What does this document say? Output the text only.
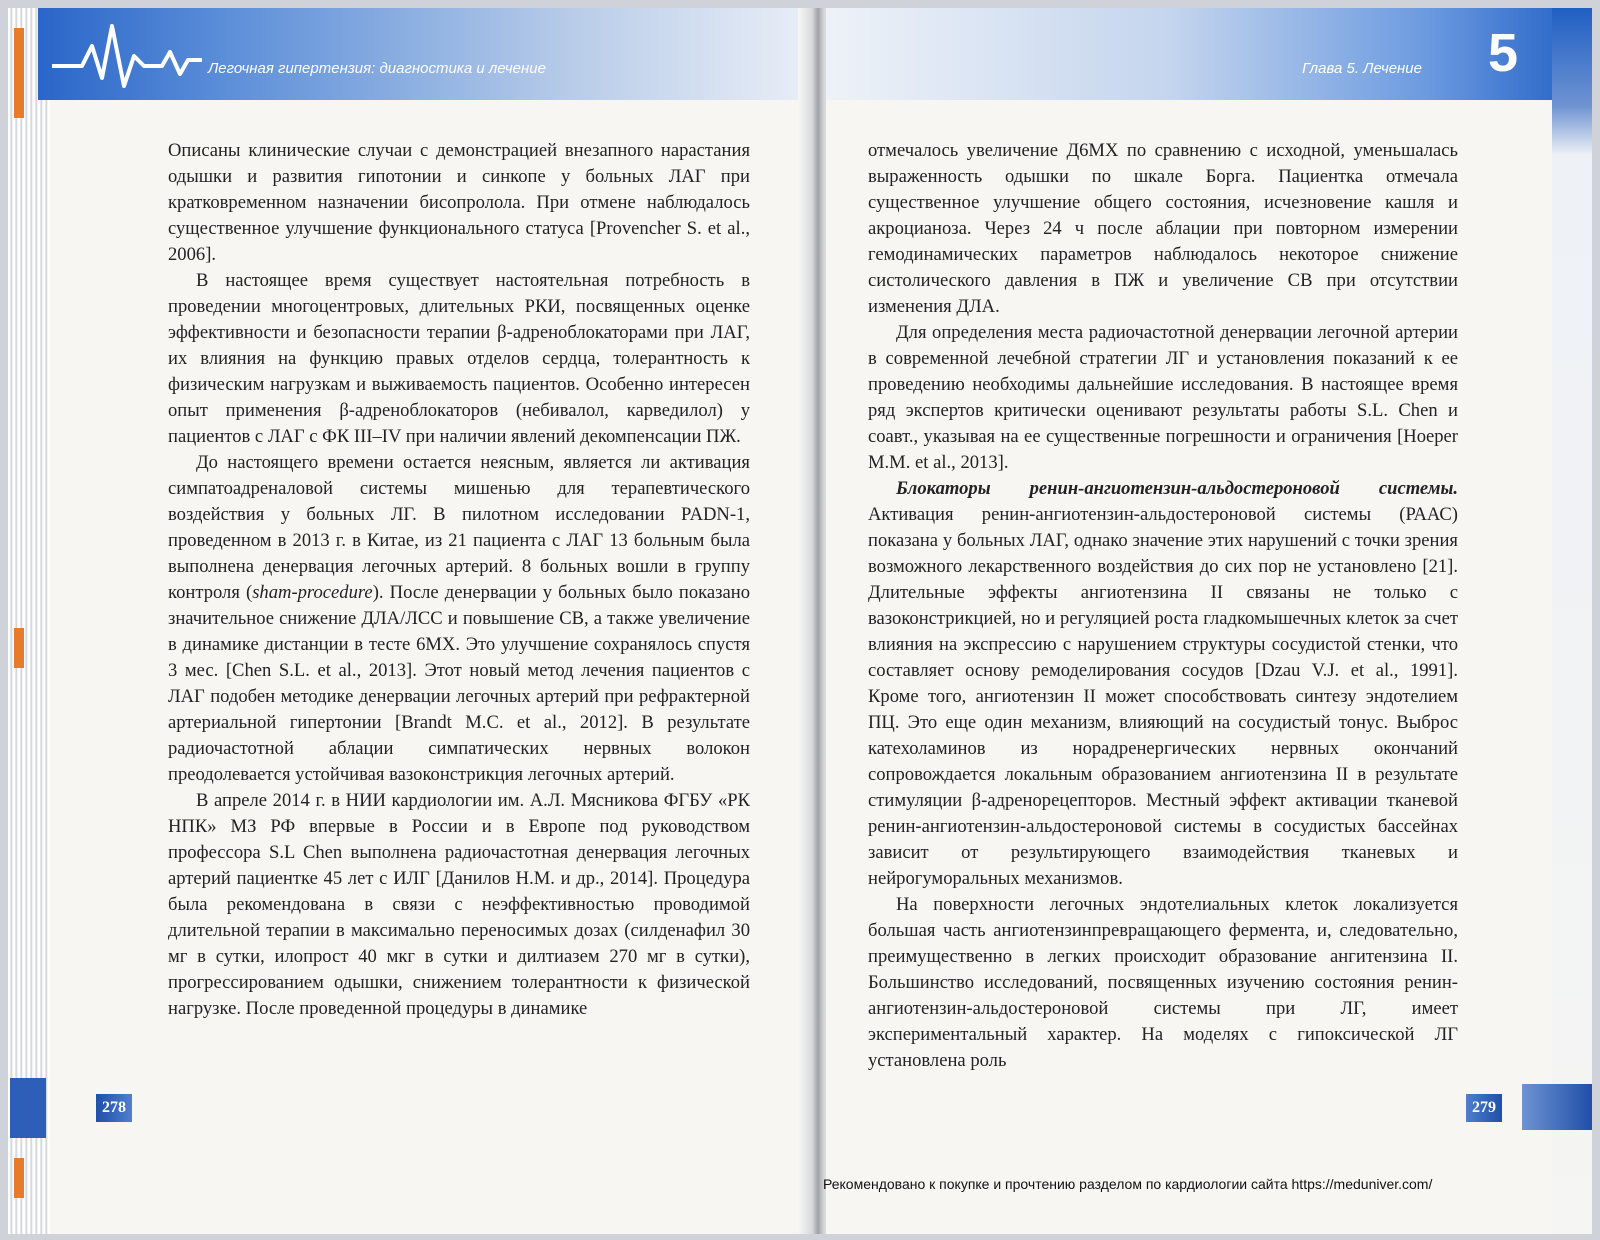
Легочная гипертензия: диагностика и лечение

Описаны клинические случаи с демонстрацией внезапного нарастания одышки и развития гипотонии и синкопе у больных ЛАГ при кратковременном назначении бисопролола. При отмене наблюдалось существенное улучшение функционального статуса [Provencher S. et al., 2006].

В настоящее время существует настоятельная потребность в проведении многоцентровых, длительных РКИ, посвященных оценке эффективности и безопасности терапии β-адреноблокаторами при ЛАГ, их влияния на функцию правых отделов сердца, толерантность к физическим нагрузкам и выживаемость пациентов. Особенно интересен опыт применения β-адреноблокаторов (небивалол, карведилол) у пациентов с ЛАГ с ФК III–IV при наличии явлений декомпенсации ПЖ.

До настоящего времени остается неясным, является ли активация симпатоадреналовой системы мишенью для терапевтического воздействия у больных ЛГ. В пилотном исследовании PADN-1, проведенном в 2013 г. в Китае, из 21 пациента с ЛАГ 13 больным была выполнена денервация легочных артерий. 8 больных вошли в группу контроля (sham-procedure). После денервации у больных было показано значительное снижение ДЛА/ЛСС и повышение СВ, а также увеличение в динамике дистанции в тесте 6МХ. Это улучшение сохранялось спустя 3 мес. [Chen S.L. et al., 2013]. Этот новый метод лечения пациентов с ЛАГ подобен методике денервации легочных артерий при рефрактерной артериальной гипертонии [Brandt M.C. et al., 2012]. В результате радиочастотной аблации симпатических нервных волокон преодолевается устойчивая вазоконстрикция легочных артерий.

В апреле 2014 г. в НИИ кардиологии им. А.Л. Мясникова ФГБУ «РК НПК» МЗ РФ впервые в России и в Европе под руководством профессора S.L Chen выполнена радиочастотная денервация легочных артерий пациентке 45 лет с ИЛГ [Данилов Н.М. и др., 2014]. Процедура была рекомендована в связи с неэффективностью проводимой длительной терапии в максимально переносимых дозах (силденафил 30 мг в сутки, илопрост 40 мкг в сутки и дилтиазем 270 мг в сутки), прогрессированием одышки, снижением толерантности к физической нагрузке. После проведенной процедуры в динамике

278
Глава 5. Лечение 5

отмечалось увеличение Д6МХ по сравнению с исходной, уменьшалась выраженность одышки по шкале Борга. Пациентка отмечала существенное улучшение общего состояния, исчезновение кашля и акроцианоза. Через 24 ч после аблации при повторном измерении гемодинамических параметров наблюдалось некоторое снижение систолического давления в ПЖ и увеличение СВ при отсутствии изменения ДЛА.

Для определения места радиочастотной денервации легочной артерии в современной лечебной стратегии ЛГ и установления показаний к ее проведению необходимы дальнейшие исследования. В настоящее время ряд экспертов критически оценивают результаты работы S.L. Chen и соавт., указывая на ее существенные погрешности и ограничения [Hoeper M.M. et al., 2013].

Блокаторы ренин-ангиотензин-альдостероновой системы. Активация ренин-ангиотензин-альдостероновой системы (РААС) показана у больных ЛАГ, однако значение этих нарушений с точки зрения возможного лекарственного воздействия до сих пор не установлено [21]. Длительные эффекты ангиотензина II связаны не только с вазоконстрикцией, но и регуляцией роста гладкомышечных клеток за счет влияния на экспрессию с нарушением структуры сосудистой стенки, что составляет основу ремоделирования сосудов [Dzau V.J. et al., 1991]. Кроме того, ангиотензин II может способствовать синтезу эндотелием ПЦ. Это еще один механизм, влияющий на сосудистый тонус. Выброс катехоламинов из норадренергических нервных окончаний сопровождается локальным образованием ангиотензина II в результате стимуляции β-адренорецепторов. Местный эффект активации тканевой ренин-ангиотензин-альдостероновой системы в сосудистых бассейнах зависит от результирующего взаимодействия тканевых и нейрогуморальных механизмов.

На поверхности легочных эндотелиальных клеток локализуется большая часть ангиотензинпревращающего фермента, и, следовательно, преимущественно в легких происходит образование ангитензина II. Большинство исследований, посвященных изучению состояния ренин-ангиотензин-альдостероновой системы при ЛГ, имеет экспериментальный характер. На моделях с гипоксической ЛГ установлена роль

279
Рекомендовано к покупке и прочтению разделом по кардиологии сайта https://meduniver.com/
